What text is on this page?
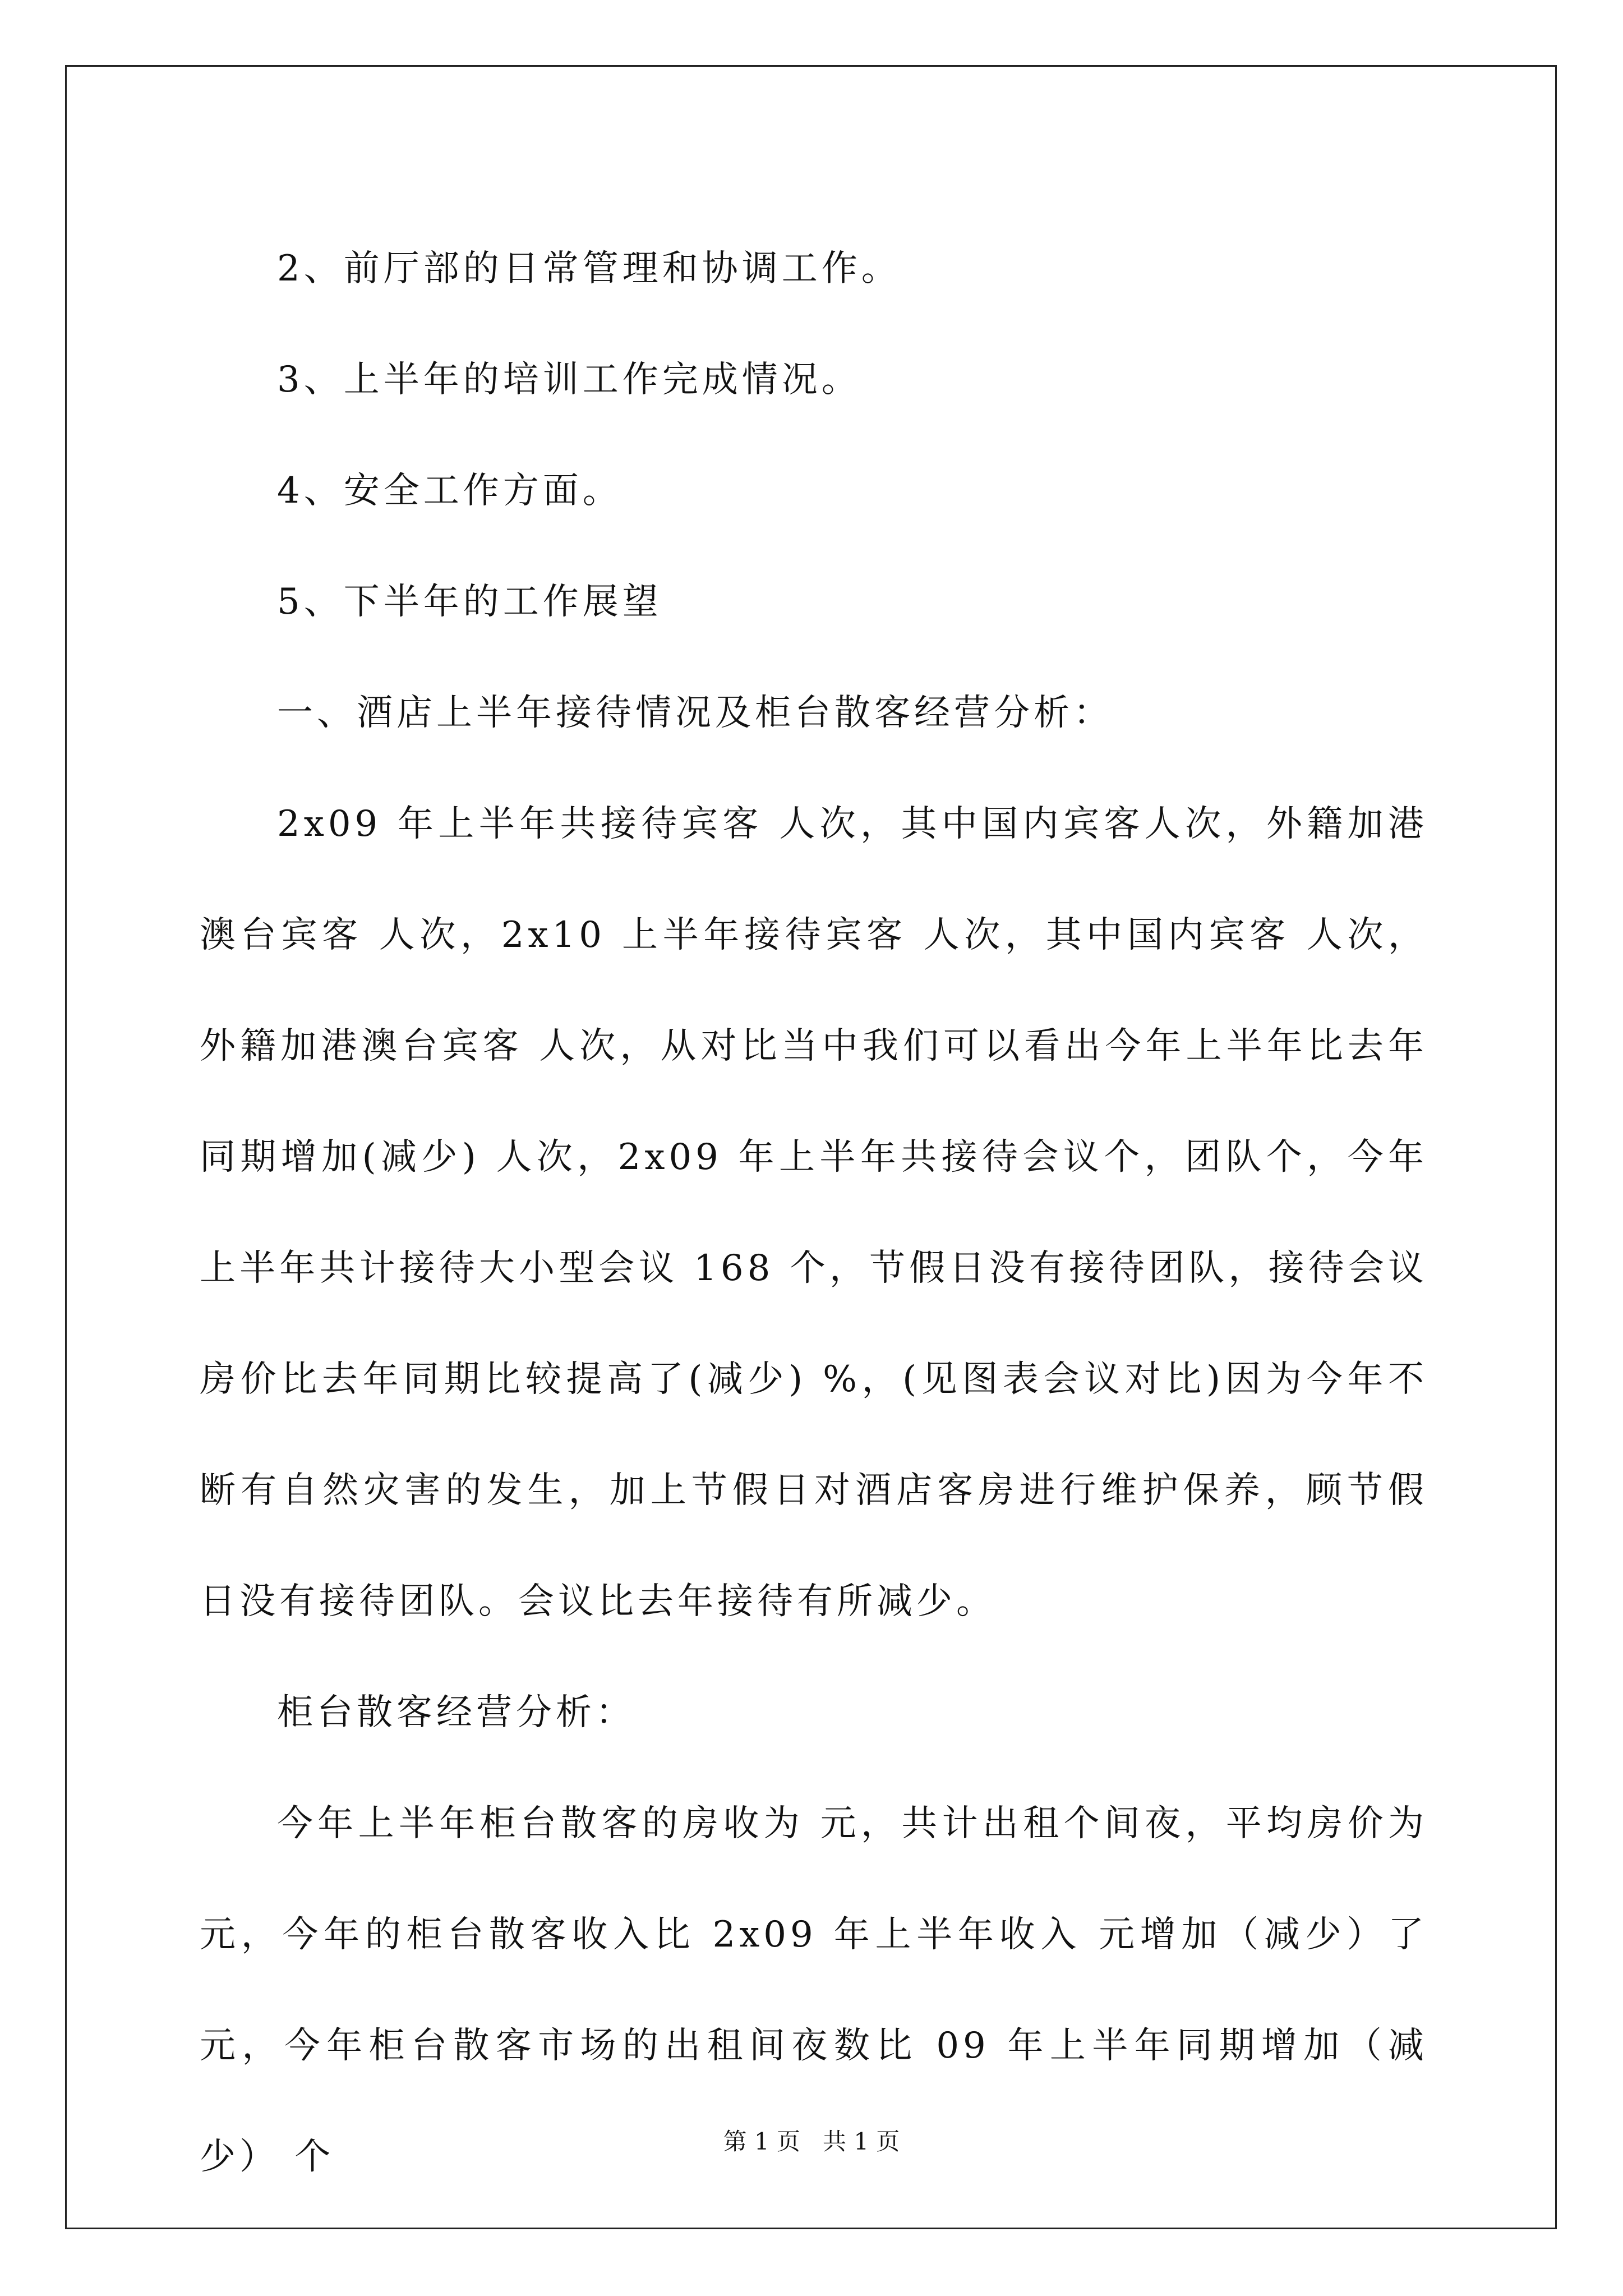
2、前厅部的日常管理和协调工作。

3、上半年的培训工作完成情况。

4、安全工作方面。

5、下半年的工作展望

一、酒店上半年接待情况及柜台散客经营分析：

2x09 年上半年共接待宾客 人次，其中国内宾客人次，外籍加港澳台宾客 人次，2x10 上半年接待宾客 人次，其中国内宾客 人次，外籍加港澳台宾客 人次，从对比当中我们可以看出今年上半年比去年同期增加(减少) 人次，2x09 年上半年共接待会议个，团队个，今年上半年共计接待大小型会议 168 个，节假日没有接待团队，接待会议房价比去年同期比较提高了(减少) %，(见图表会议对比)因为今年不断有自然灾害的发生，加上节假日对酒店客房进行维护保养，顾节假日没有接待团队。会议比去年接待有所减少。

柜台散客经营分析：

今年上半年柜台散客的房收为 元，共计出租个间夜，平均房价为 元，今年的柜台散客收入比 2x09 年上半年收入 元增加（减少）了 元，今年柜台散客市场的出租间夜数比 09 年上半年同期增加（减少） 个	第 1 页 共 1 页
